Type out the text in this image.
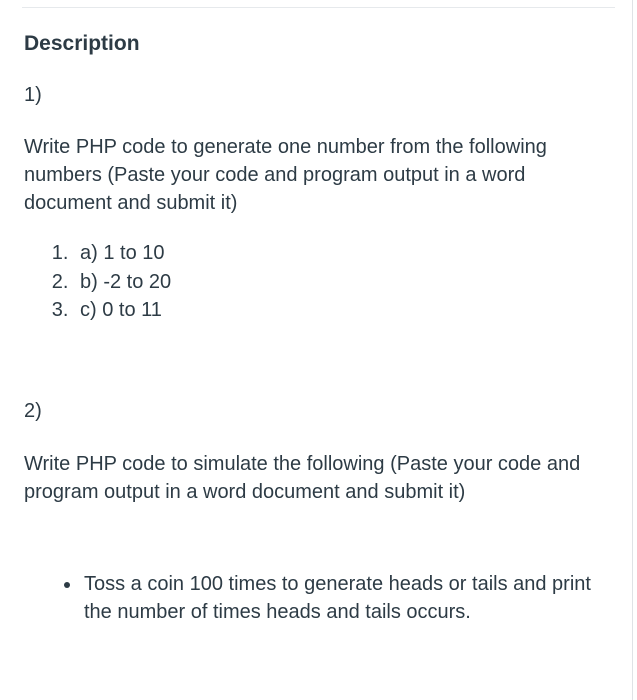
Description

1)

Write PHP code to generate one number from the following numbers (Paste your code and program output in a word document and submit it)

1. a) 1 to 10
2. b) -2 to 20
3. c) 0 to 11

2)

Write PHP code to simulate the following (Paste your code and program output in a word document and submit it)

• Toss a coin 100 times to generate heads or tails and print the number of times heads and tails occurs.
